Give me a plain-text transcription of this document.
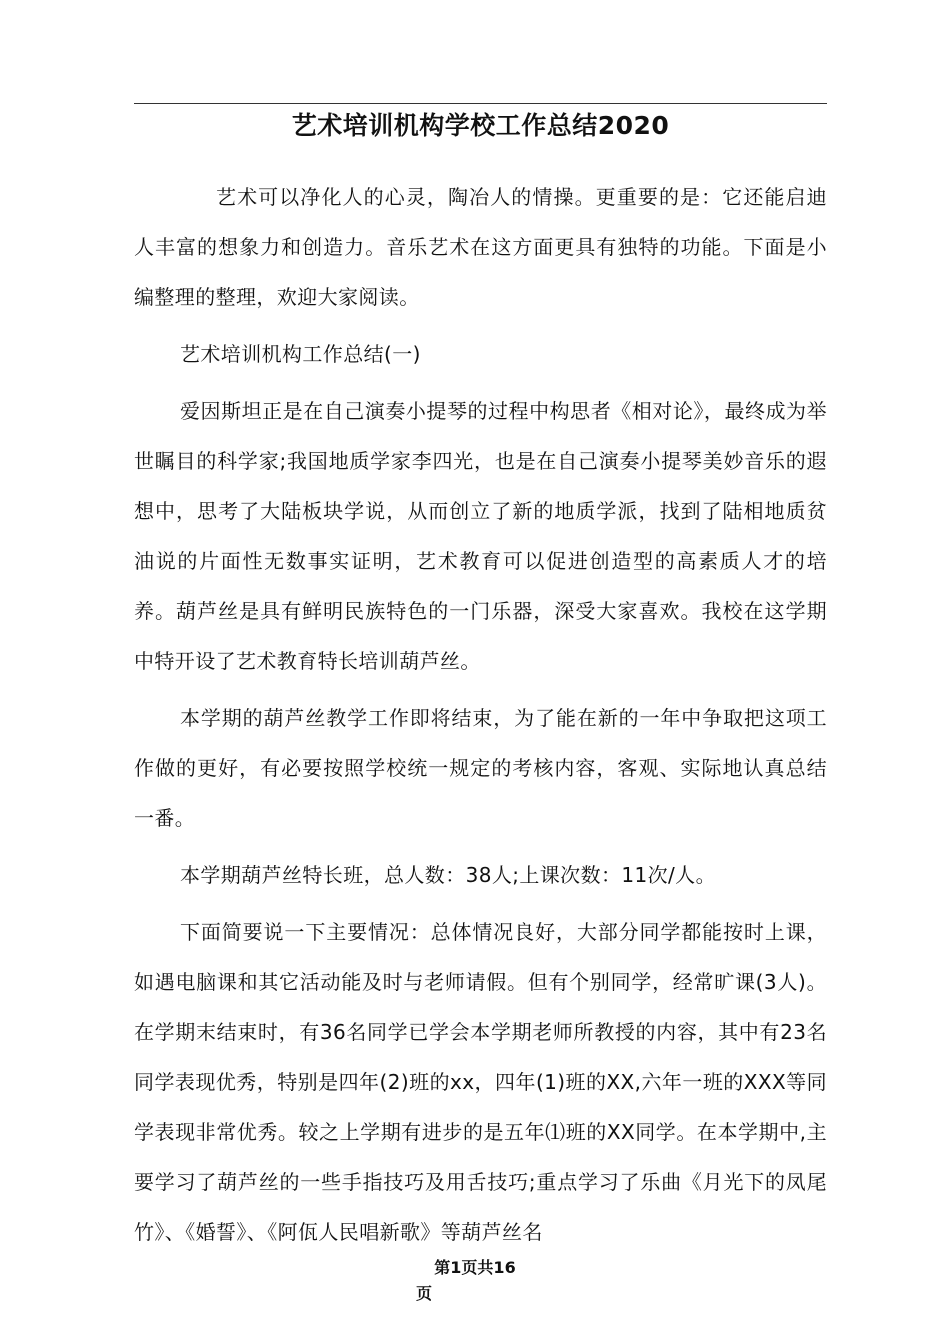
艺术培训机构学校工作总结2020

艺术可以净化人的心灵，陶冶人的情操。更重要的是：它还能启迪人丰富的想象力和创造力。音乐艺术在这方面更具有独特的功能。下面是小编整理的整理，欢迎大家阅读。

艺术培训机构工作总结(一)

爱因斯坦正是在自己演奏小提琴的过程中构思者《相对论》，最终成为举世瞩目的科学家;我国地质学家李四光，也是在自己演奏小提琴美妙音乐的遐想中，思考了大陆板块学说，从而创立了新的地质学派，找到了陆相地质贫油说的片面性无数事实证明，艺术教育可以促进创造型的高素质人才的培养。葫芦丝是具有鲜明民族特色的一门乐器，深受大家喜欢。我校在这学期中特开设了艺术教育特长培训葫芦丝。

本学期的葫芦丝教学工作即将结束，为了能在新的一年中争取把这项工作做的更好，有必要按照学校统一规定的考核内容，客观、实际地认真总结一番。

本学期葫芦丝特长班，总人数：38人;上课次数：11次/人。

下面简要说一下主要情况：总体情况良好，大部分同学都能按时上课，如遇电脑课和其它活动能及时与老师请假。但有个别同学，经常旷课(3人)。在学期末结束时，有36名同学已学会本学期老师所教授的内容，其中有23名同学表现优秀，特别是四年(2)班的xx，四年(1)班的XX,六年一班的XXX等同学表现非常优秀。较之上学期有进步的是五年⑴班的XX同学。在本学期中,主要学习了葫芦丝的一些手指技巧及用舌技巧;重点学习了乐曲《月光下的凤尾竹》、《婚誓》、《阿佤人民唱新歌》等葫芦丝名

第1页共16
页
